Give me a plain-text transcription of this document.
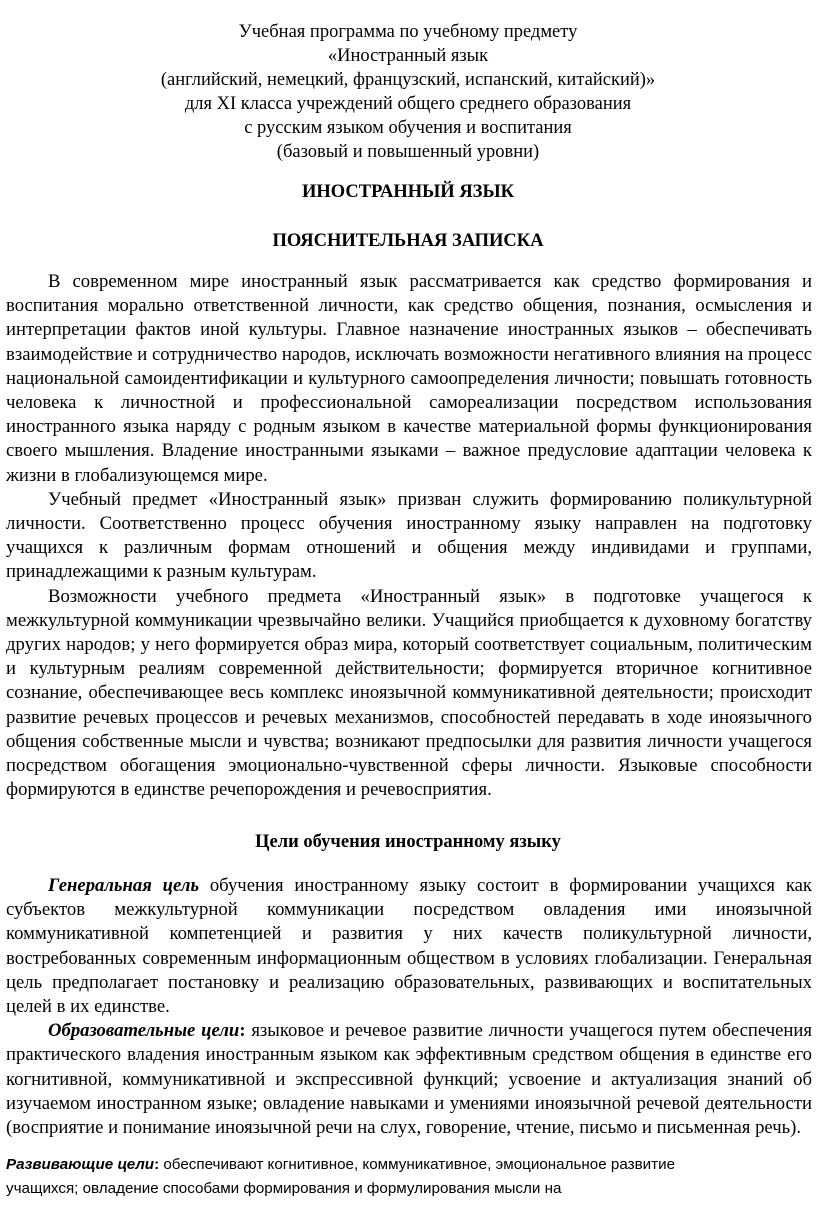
Учебная программа по учебному предмету
«Иностранный язык
(английский, немецкий, французский, испанский, китайский)»
для XI класса учреждений общего среднего образования
с русским языком обучения и воспитания
(базовый и повышенный уровни)
ИНОСТРАННЫЙ ЯЗЫК
ПОЯСНИТЕЛЬНАЯ ЗАПИСКА

В современном мире иностранный язык рассматривается как средство формирования и воспитания морально ответственной личности, как средство общения, познания, осмысления и интерпретации фактов иной культуры. Главное назначение иностранных языков – обеспечивать взаимодействие и сотрудничество народов, исключать возможности негативного влияния на процесс национальной самоидентификации и культурного самоопределения личности; повышать готовность человека к личностной и профессиональной самореализации посредством использования иностранного языка наряду с родным языком в качестве материальной формы функционирования своего мышления. Владение иностранными языками – важное предусловие адаптации человека к жизни в глобализующемся мире.

Учебный предмет «Иностранный язык» призван служить формированию поликультурной личности. Соответственно процесс обучения иностранному языку направлен на подготовку учащихся к различным формам отношений и общения между индивидами и группами, принадлежащими к разным культурам.

Возможности учебного предмета «Иностранный язык» в подготовке учащегося к межкультурной коммуникации чрезвычайно велики. Учащийся приобщается к духовному богатству других народов; у него формируется образ мира, который соответствует социальным, политическим и культурным реалиям современной действительности; формируется вторичное когнитивное сознание, обеспечивающее весь комплекс иноязычной коммуникативной деятельности; происходит развитие речевых процессов и речевых механизмов, способностей передавать в ходе иноязычного общения собственные мысли и чувства; возникают предпосылки для развития личности учащегося посредством обогащения эмоционально-чувственной сферы личности. Языковые способности формируются в единстве речепорождения и речевосприятия.

Цели обучения иностранному языку

Генеральная цель обучения иностранному языку состоит в формировании учащихся как субъектов межкультурной коммуникации посредством овладения ими иноязычной коммуникативной компетенцией и развития у них качеств поликультурной личности, востребованных современным информационным обществом в условиях глобализации. Генеральная цель предполагает постановку и реализацию образовательных, развивающих и воспитательных целей в их единстве.

Образовательные цели: языковое и речевое развитие личности учащегося путем обеспечения практического владения иностранным языком как эффективным средством общения в единстве его когнитивной, коммуникативной и экспрессивной функций; усвоение и актуализация знаний об изучаемом иностранном языке; овладение навыками и умениями иноязычной речевой деятельности (восприятие и понимание иноязычной речи на слух, говорение, чтение, письмо и письменная речь).

Развивающие цели: обеспечивают когнитивное, коммуникативное, эмоциональное развитие
учащихся; овладение способами формирования и формулирования мысли на
